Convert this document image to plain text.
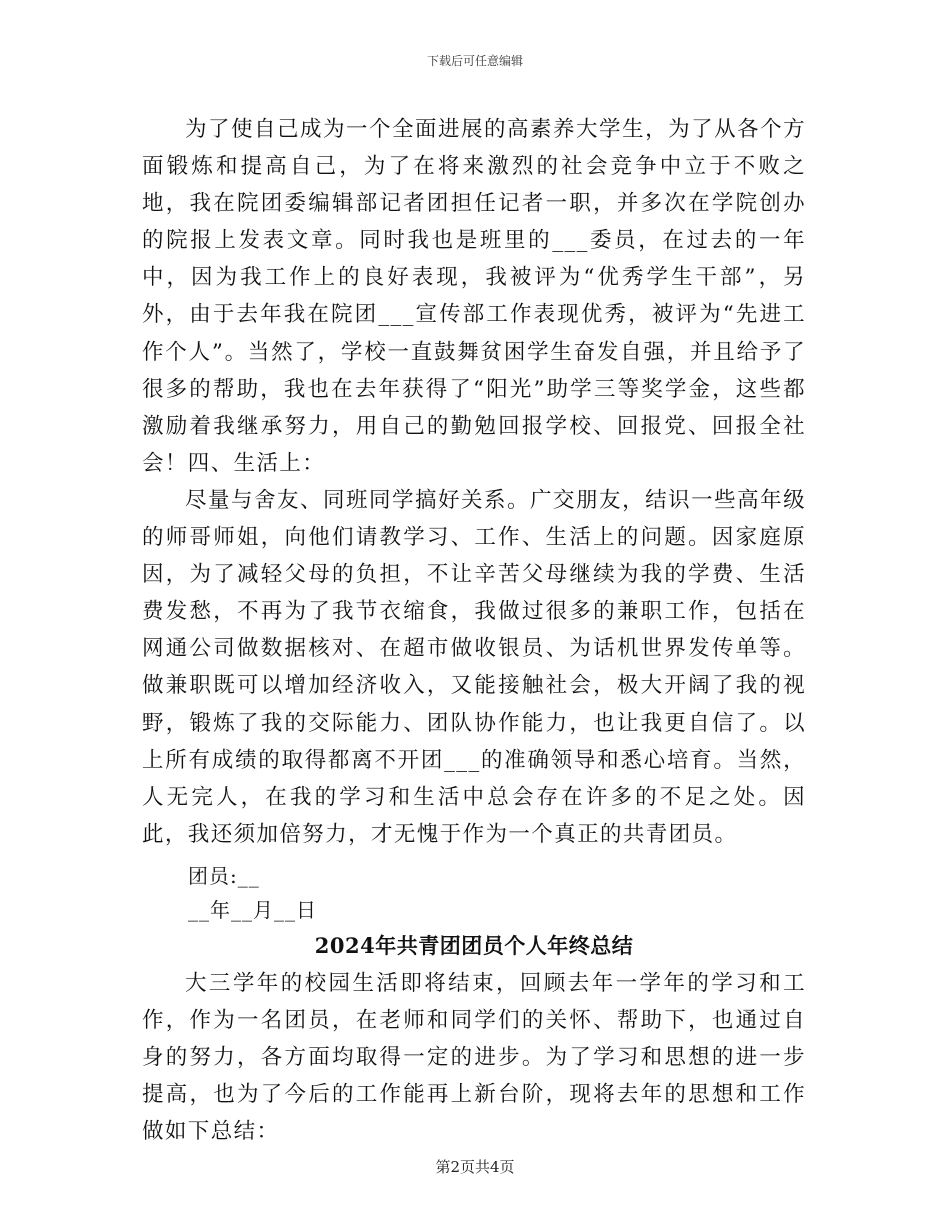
下载后可任意编辑

为了使自己成为一个全面进展的高素养大学生，为了从各个方面锻炼和提高自己，为了在将来激烈的社会竞争中立于不败之地，我在院团委编辑部记者团担任记者一职，并多次在学院创办的院报上发表文章。同时我也是班里的___委员，在过去的一年中，因为我工作上的良好表现，我被评为“优秀学生干部”，另外，由于去年我在院团___宣传部工作表现优秀，被评为“先进工作个人”。当然了，学校一直鼓舞贫困学生奋发自强，并且给予了很多的帮助，我也在去年获得了“阳光”助学三等奖学金，这些都激励着我继承努力，用自己的勤勉回报学校、回报党、回报全社会！四、生活上：

尽量与舍友、同班同学搞好关系。广交朋友，结识一些高年级的师哥师姐，向他们请教学习、工作、生活上的问题。因家庭原因，为了减轻父母的负担，不让辛苦父母继续为我的学费、生活费发愁，不再为了我节衣缩食，我做过很多的兼职工作，包括在网通公司做数据核对、在超市做收银员、为话机世界发传单等。做兼职既可以增加经济收入，又能接触社会，极大开阔了我的视野，锻炼了我的交际能力、团队协作能力，也让我更自信了。以上所有成绩的取得都离不开团___的准确领导和悉心培育。当然，人无完人，在我的学习和生活中总会存在许多的不足之处。因此，我还须加倍努力，才无愧于作为一个真正的共青团员。

团员:__

__年__月__日

2024年共青团团员个人年终总结

大三学年的校园生活即将结束，回顾去年一学年的学习和工作，作为一名团员，在老师和同学们的关怀、帮助下，也通过自身的努力，各方面均取得一定的进步。为了学习和思想的进一步提高，也为了今后的工作能再上新台阶，现将去年的思想和工作做如下总结：

第2页共4页
